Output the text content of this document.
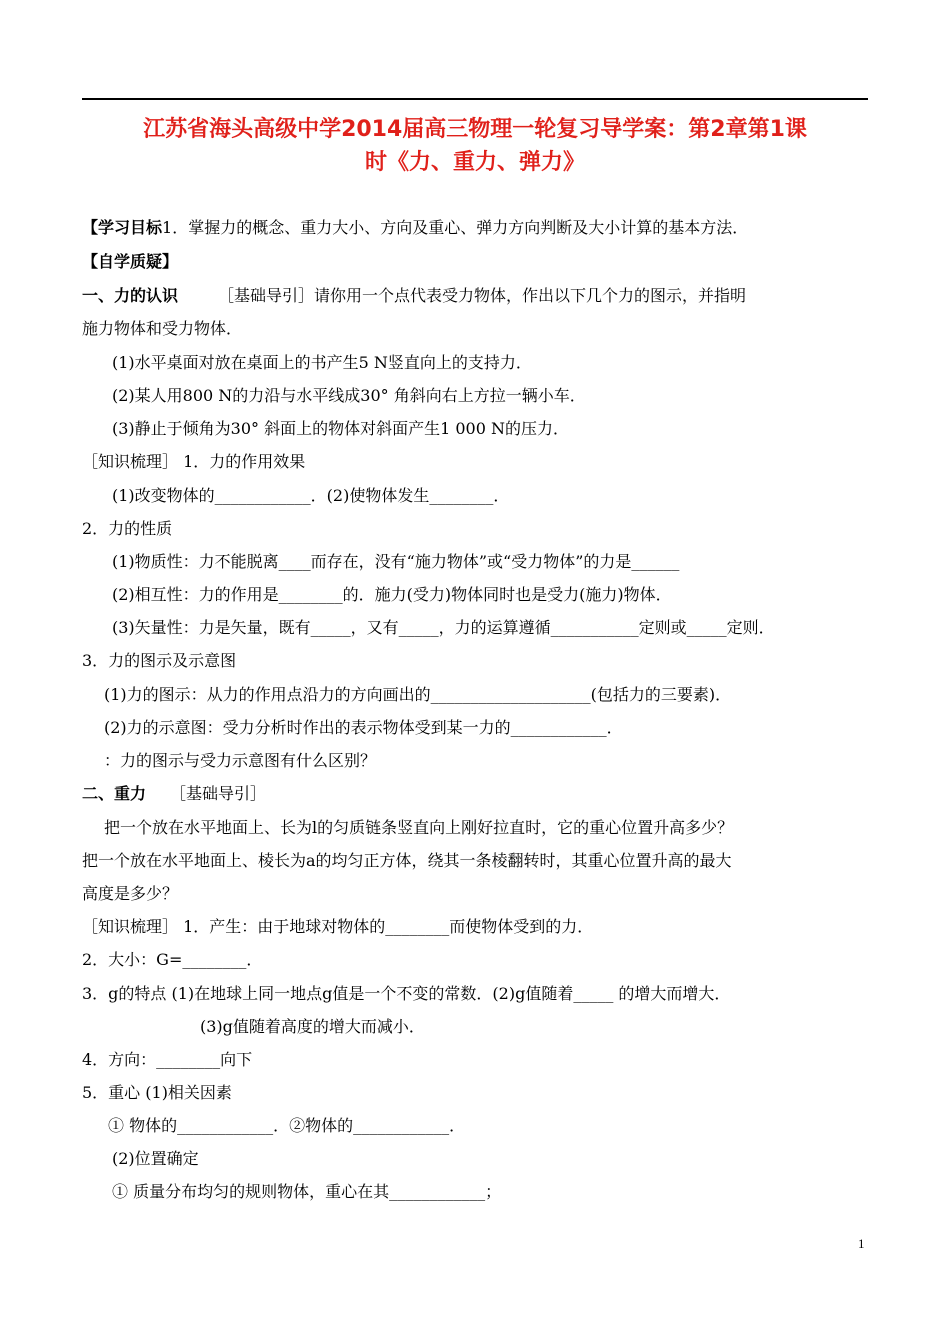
江苏省海头高级中学2014届高三物理一轮复习导学案：第2章第1课
时《力、重力、弹力》
【学习目标1．掌握力的概念、重力大小、方向及重心、弹力方向判断及大小计算的基本方法．
【自学质疑】
一、力的认识	［基础导引］请你用一个点代表受力物体，作出以下几个力的图示，并指明
施力物体和受力物体．
(1)水平桌面对放在桌面上的书产生5 N竖直向上的支持力．
(2)某人用800 N的力沿与水平线成30° 角斜向右上方拉一辆小车．
(3)静止于倾角为30° 斜面上的物体对斜面产生1 000 N的压力．
［知识梳理］ 1．力的作用效果
(1)改变物体的____________．(2)使物体发生________．
2．力的性质
(1)物质性：力不能脱离____而存在，没有“施力物体”或“受力物体”的力是______
(2)相互性：力的作用是________的．施力(受力)物体同时也是受力(施力)物体．
(3)矢量性：力是矢量，既有_____，又有_____，力的运算遵循___________定则或_____定则．
3．力的图示及示意图
(1)力的图示：从力的作用点沿力的方向画出的____________________(包括力的三要素)．
(2)力的示意图：受力分析时作出的表示物体受到某一力的____________．
：力的图示与受力示意图有什么区别？
二、重力 ［基础导引］
把一个放在水平地面上、长为l的匀质链条竖直向上刚好拉直时，它的重心位置升高多少？
把一个放在水平地面上、棱长为a的均匀正方体，绕其一条棱翻转时，其重心位置升高的最大
高度是多少？
［知识梳理］ 1．产生：由于地球对物体的________而使物体受到的力．
2．大小：G=________．
3．g的特点 (1)在地球上同一地点g值是一个不变的常数．(2)g值随着_____ 的增大而增大．
(3)g值随着高度的增大而减小．
4．方向：________向下
5．重心 (1)相关因素
① 物体的____________．②物体的____________．
(2)位置确定
① 质量分布均匀的规则物体，重心在其____________；
1
